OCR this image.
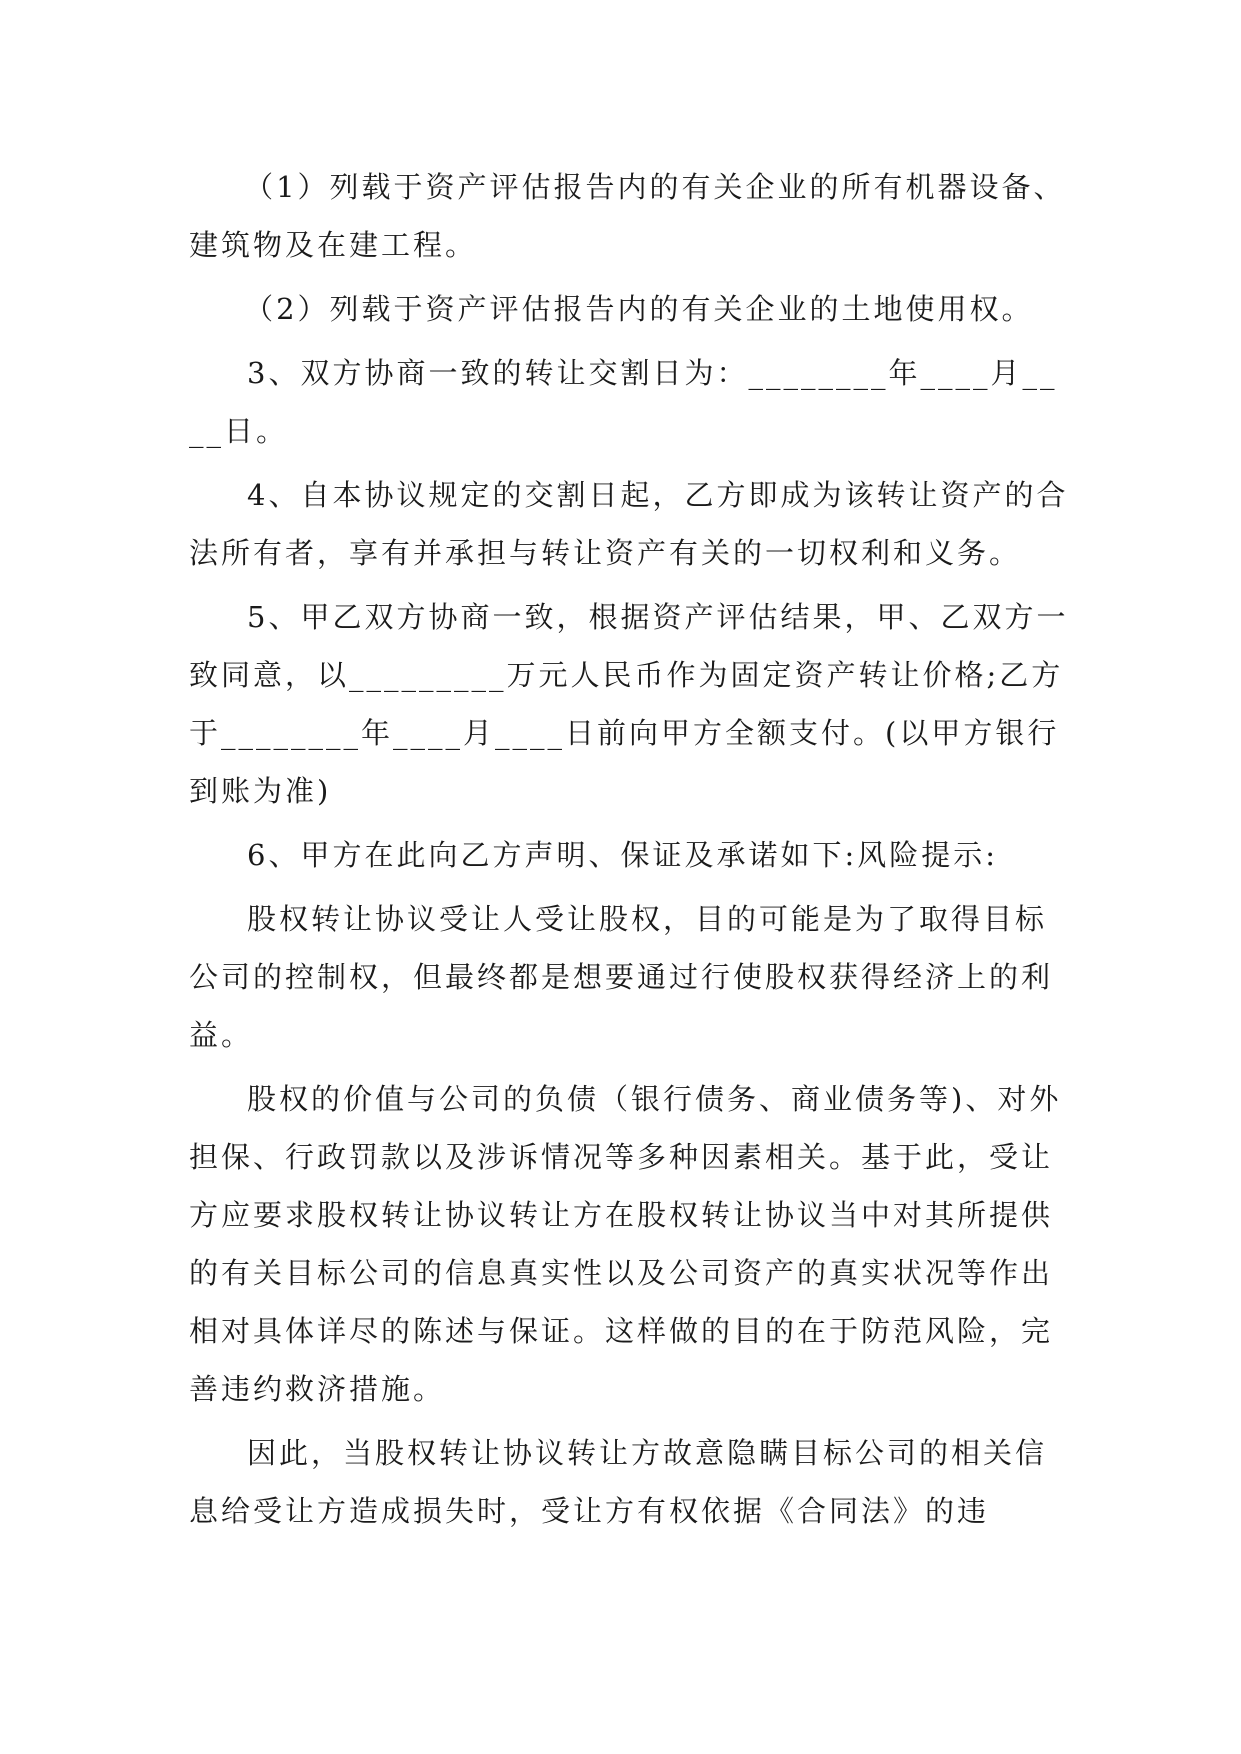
（1）列载于资产评估报告内的有关企业的所有机器设备、建筑物及在建工程。

（2）列载于资产评估报告内的有关企业的土地使用权。

3、双方协商一致的转让交割日为：________年____月____日。

4、自本协议规定的交割日起，乙方即成为该转让资产的合法所有者，享有并承担与转让资产有关的一切权利和义务。

5、甲乙双方协商一致，根据资产评估结果，甲、乙双方一致同意，以_________万元人民币作为固定资产转让价格;乙方于________年____月____日前向甲方全额支付。(以甲方银行到账为准)

6、甲方在此向乙方声明、保证及承诺如下:风险提示:

股权转让协议受让人受让股权，目的可能是为了取得目标公司的控制权，但最终都是想要通过行使股权获得经济上的利益。

股权的价值与公司的负债（银行债务、商业债务等)、对外担保、行政罚款以及涉诉情况等多种因素相关。基于此，受让方应要求股权转让协议转让方在股权转让协议当中对其所提供的有关目标公司的信息真实性以及公司资产的真实状况等作出相对具体详尽的陈述与保证。这样做的目的在于防范风险，完善违约救济措施。

因此，当股权转让协议转让方故意隐瞒目标公司的相关信息给受让方造成损失时，受让方有权依据《合同法》的违
